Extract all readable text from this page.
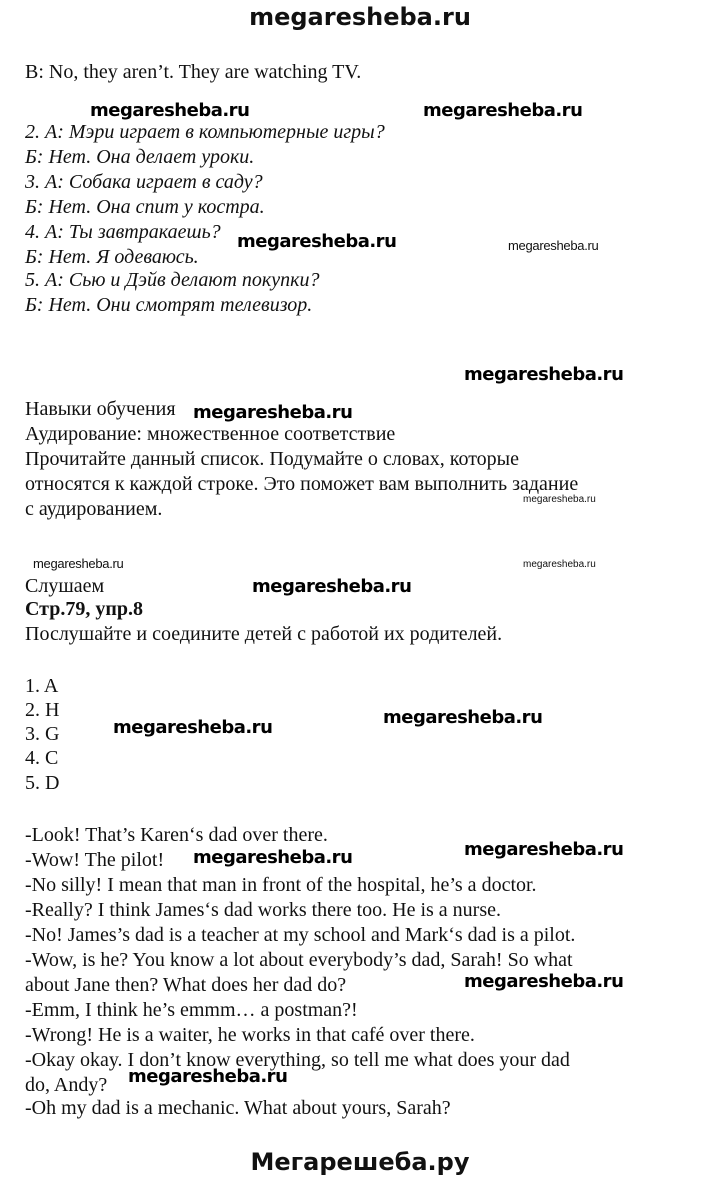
megaresheba.ru
B: No, they aren’t. They are watching TV.
2. А: Мэри играет в компьютерные игры?
Б: Нет. Она делает уроки.
3. А: Собака играет в саду?
Б: Нет. Она спит у костра.
4. А: Ты завтракаешь?
Б: Нет. Я одеваюсь.
5. А: Сью и Дэйв делают покупки?
Б: Нет. Они смотрят телевизор.
Навыки обучения
Аудирование: множественное соответствие
Прочитайте данный список. Подумайте о словах, которые
относятся к каждой строке. Это поможет вам выполнить задание
с аудированием.
Слушаем
Стр.79, упр.8
Послушайте и соедините детей с работой их родителей.
1. A
2. H
3. G
4. C
5. D
-Look! That’s Karen‘s dad over there.
-Wow! The pilot!
-No silly! I mean that man in front of the hospital, he’s a doctor.
-Really? I think James‘s dad works there too. He is a nurse.
-No! James’s dad is a teacher at my school and Mark‘s dad is a pilot.
-Wow, is he? You know a lot about everybody’s dad, Sarah! So what
about Jane then? What does her dad do?
-Emm, I think he’s emmm… a postman?!
-Wrong! He is a waiter, he works in that café over there.
-Okay okay. I don’t know everything, so tell me what does your dad
do, Andy?
-Oh my dad is a mechanic. What about yours, Sarah?
megaresheba.ru	megaresheba.ru
megaresheba.ru	megaresheba.ru
megaresheba.ru
megaresheba.ru
megaresheba.ru
megaresheba.ru	megaresheba.ru
megaresheba.ru
megaresheba.ru
megaresheba.ru
megaresheba.ru
megaresheba.ru
megaresheba.ru
megaresheba.ru
Мегарешеба.ру
